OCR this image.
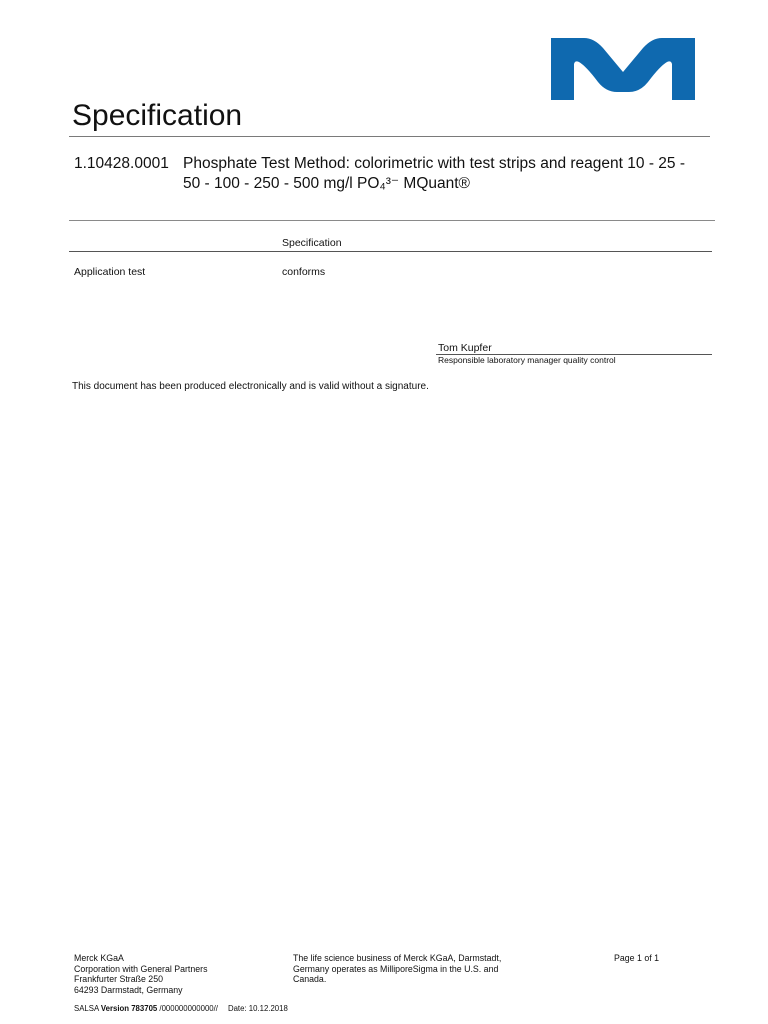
Specification
1.10428.0001 Phosphate Test Method: colorimetric with test strips and reagent 10 - 25 -
50 - 100 - 250 - 500 mg/l PO₄³⁻ MQuant®
Specification
Application test	conforms
Tom Kupfer
Responsible laboratory manager quality control
This document has been produced electronically and is valid without a signature.
Merck KGaA
Corporation with General Partners
Frankfurter Straße 250
64293 Darmstadt, Germany
The life science business of Merck KGaA, Darmstadt,
Germany operates as MilliporeSigma in the U.S. and
Canada.
Page 1 of 1
SALSA Version 783705 /000000000000// Date: 10.12.2018
